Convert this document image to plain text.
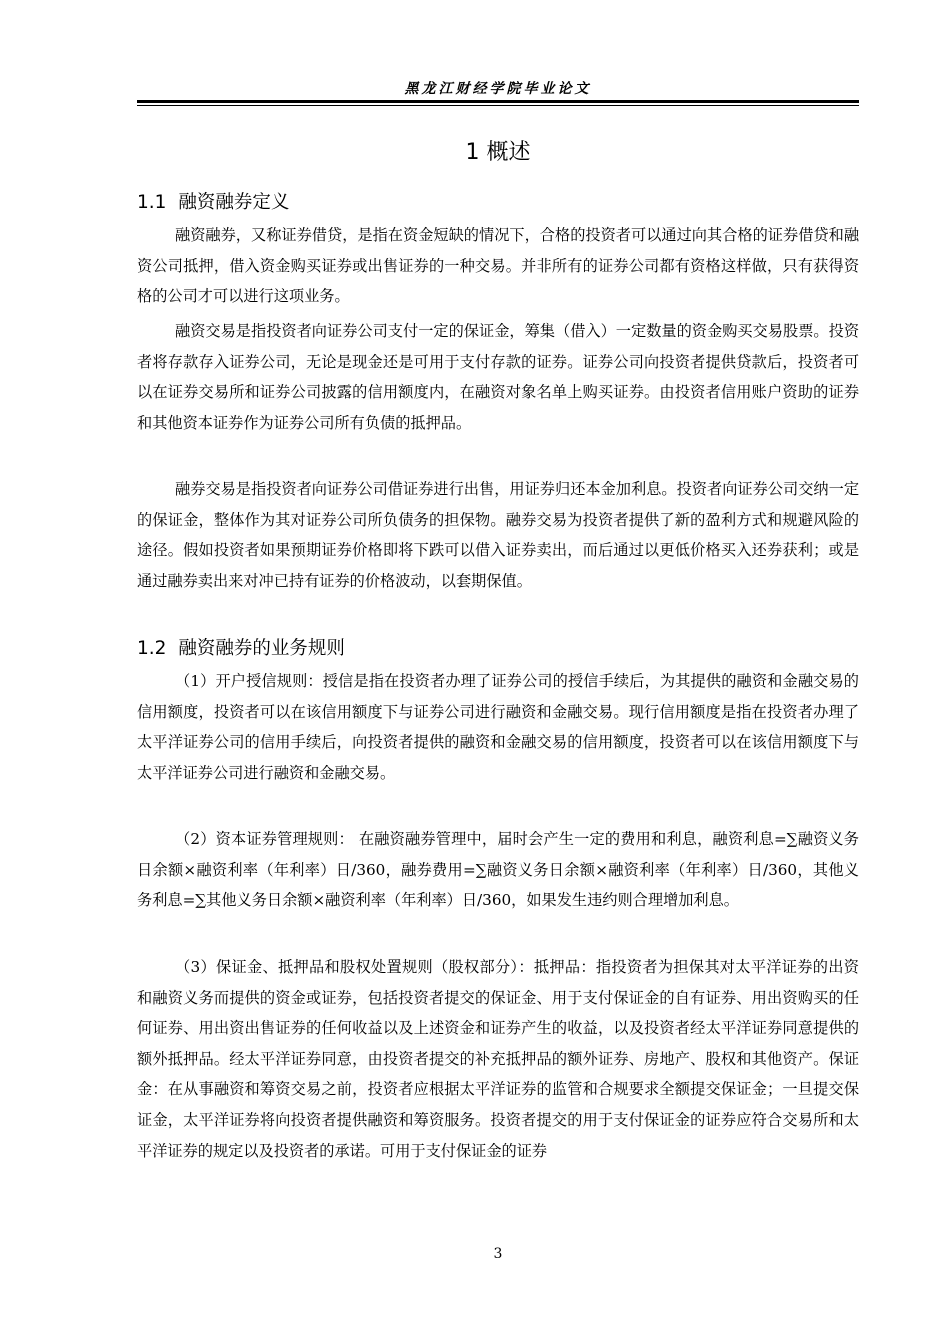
黑龙江财经学院毕业论文
1 概述
1.1 融资融券定义

融资融券，又称证券借贷，是指在资金短缺的情况下，合格的投资者可以通过向其合格的证券借贷和融资公司抵押，借入资金购买证券或出售证券的一种交易。并非所有的证券公司都有资格这样做，只有获得资格的公司才可以进行这项业务。

融资交易是指投资者向证券公司支付一定的保证金，筹集（借入）一定数量的资金购买交易股票。投资者将存款存入证券公司，无论是现金还是可用于支付存款的证券。证券公司向投资者提供贷款后，投资者可以在证券交易所和证券公司披露的信用额度内，在融资对象名单上购买证券。由投资者信用账户资助的证券和其他资本证券作为证券公司所有负债的抵押品。

融券交易是指投资者向证券公司借证券进行出售，用证券归还本金加利息。投资者向证券公司交纳一定的保证金，整体作为其对证券公司所负债务的担保物。融券交易为投资者提供了新的盈利方式和规避风险的途径。假如投资者如果预期证券价格即将下跌可以借入证券卖出，而后通过以更低价格买入还券获利；或是通过融券卖出来对冲已持有证券的价格波动，以套期保值。

1.2 融资融券的业务规则

（1）开户授信规则：授信是指在投资者办理了证券公司的授信手续后，为其提供的融资和金融交易的信用额度，投资者可以在该信用额度下与证券公司进行融资和金融交易。现行信用额度是指在投资者办理了太平洋证券公司的信用手续后，向投资者提供的融资和金融交易的信用额度，投资者可以在该信用额度下与太平洋证券公司进行融资和金融交易。

（2）资本证券管理规则： 在融资融券管理中，届时会产生一定的费用和利息，融资利息=∑融资义务日余额×融资利率（年利率）日/360，融券费用=∑融资义务日余额×融资利率（年利率）日/360，其他义务利息=∑其他义务日余额×融资利率（年利率）日/360，如果发生违约则合理增加利息。

（3）保证金、抵押品和股权处置规则（股权部分）：抵押品：指投资者为担保其对太平洋证券的出资和融资义务而提供的资金或证券，包括投资者提交的保证金、用于支付保证金的自有证券、用出资购买的任何证券、用出资出售证券的任何收益以及上述资金和证券产生的收益，以及投资者经太平洋证券同意提供的额外抵押品。经太平洋证券同意，由投资者提交的补充抵押品的额外证券、房地产、股权和其他资产。保证金：在从事融资和筹资交易之前，投资者应根据太平洋证券的监管和合规要求全额提交保证金；一旦提交保证金，太平洋证券将向投资者提供融资和筹资服务。投资者提交的用于支付保证金的证券应符合交易所和太平洋证券的规定以及投资者的承诺。可用于支付保证金的证券

3
